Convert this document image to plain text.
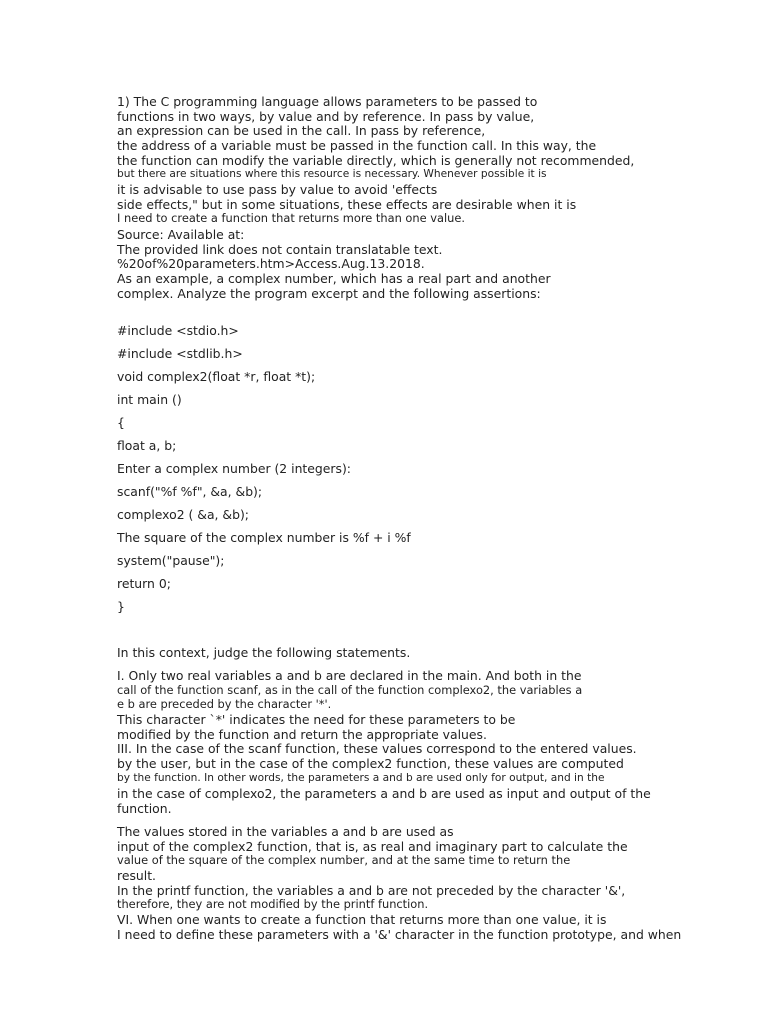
1) The C programming language allows parameters to be passed to
functions in two ways, by value and by reference. In pass by value,
an expression can be used in the call. In pass by reference,
the address of a variable must be passed in the function call. In this way, the
the function can modify the variable directly, which is generally not recommended,
but there are situations where this resource is necessary. Whenever possible it is
it is advisable to use pass by value to avoid 'effects
side effects," but in some situations, these effects are desirable when it is
I need to create a function that returns more than one value.
Source: Available at:
The provided link does not contain translatable text.
%20of%20parameters.htm>Access.Aug.13.2018.
As an example, a complex number, which has a real part and another
complex. Analyze the program excerpt and the following assertions:
#include <stdio.h>
#include <stdlib.h>
void complex2(float *r, float *t);
int main ()
{
float a, b;
Enter a complex number (2 integers):
scanf("%f %f", &a, &b);
complexo2 ( &a, &b);
The square of the complex number is %f + i %f
system("pause");
return 0;
}
In this context, judge the following statements.
I. Only two real variables a and b are declared in the main. And both in the
call of the function scanf, as in the call of the function complexo2, the variables a
e b are preceded by the character '*'.
This character `*' indicates the need for these parameters to be
modified by the function and return the appropriate values.
III. In the case of the scanf function, these values correspond to the entered values.
by the user, but in the case of the complex2 function, these values are computed
by the function. In other words, the parameters a and b are used only for output, and in the
in the case of complexo2, the parameters a and b are used as input and output of the
function.
The values stored in the variables a and b are used as
input of the complex2 function, that is, as real and imaginary part to calculate the
value of the square of the complex number, and at the same time to return the
result.
In the printf function, the variables a and b are not preceded by the character '&',
therefore, they are not modified by the printf function.
VI. When one wants to create a function that returns more than one value, it is
I need to define these parameters with a '&' character in the function prototype, and when
